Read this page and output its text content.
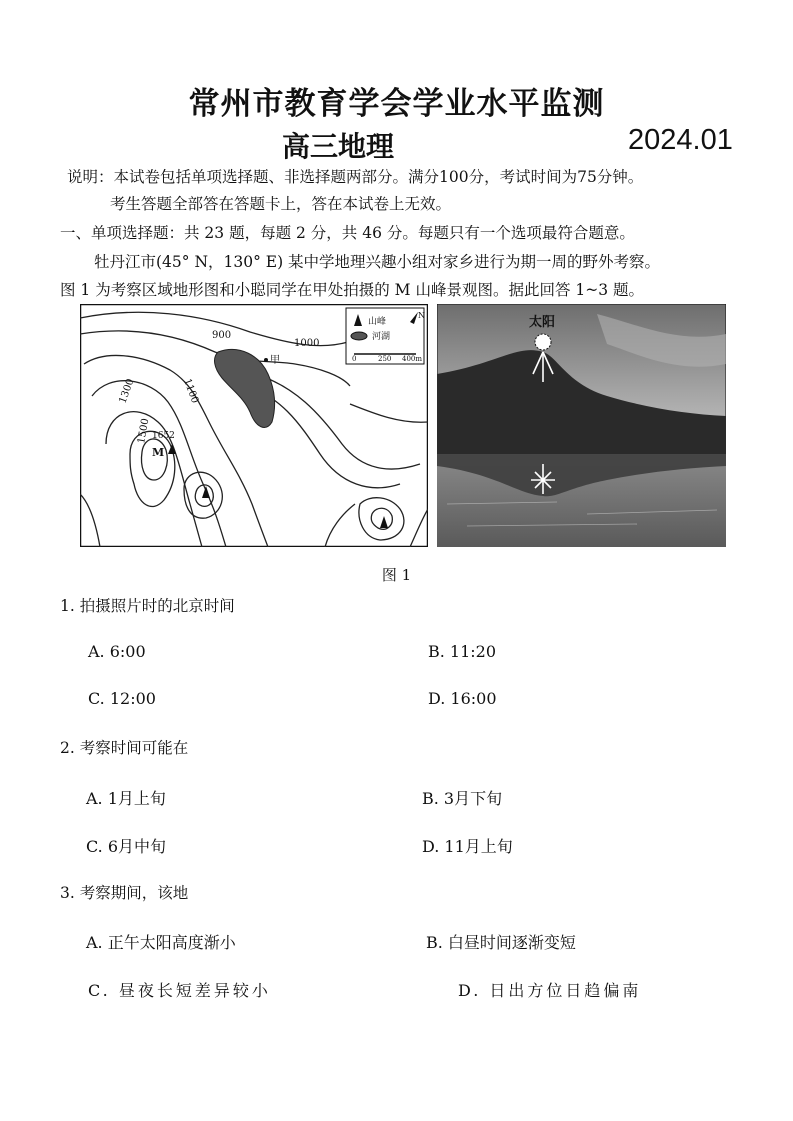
常州市教育学会学业水平监测
高三地理	2024.01
说明：本试卷包括单项选择题、非选择题两部分。满分100分，考试时间为75分钟。
考生答题全部答在答题卡上，答在本试卷上无效。
一、单项选择题：共 23 题，每题 2 分，共 46 分。每题只有一个选项最符合题意。
牡丹江市(45° N，130° E) 某中学地理兴趣小组对家乡进行为期一周的野外考察。
图 1 为考察区域地形图和小聪同学在甲处拍摄的 M 山峰景观图。据此回答 1~3 题。
甲
900
1000
1100
1300
1500 1652
M
山峰
河湖
0	250 400m
N	太阳
图 1
1. 拍摄照片时的北京时间
A. 6:00	B. 11:20
C. 12:00	D. 16:00
2. 考察时间可能在
A. 1月上旬	B. 3月下旬
C. 6月中旬	D. 11月上旬
3. 考察期间，该地
A. 正午太阳高度渐小	B. 白昼时间逐渐变短
C. 昼夜长短差异较小	D. 日出方位日趋偏南
